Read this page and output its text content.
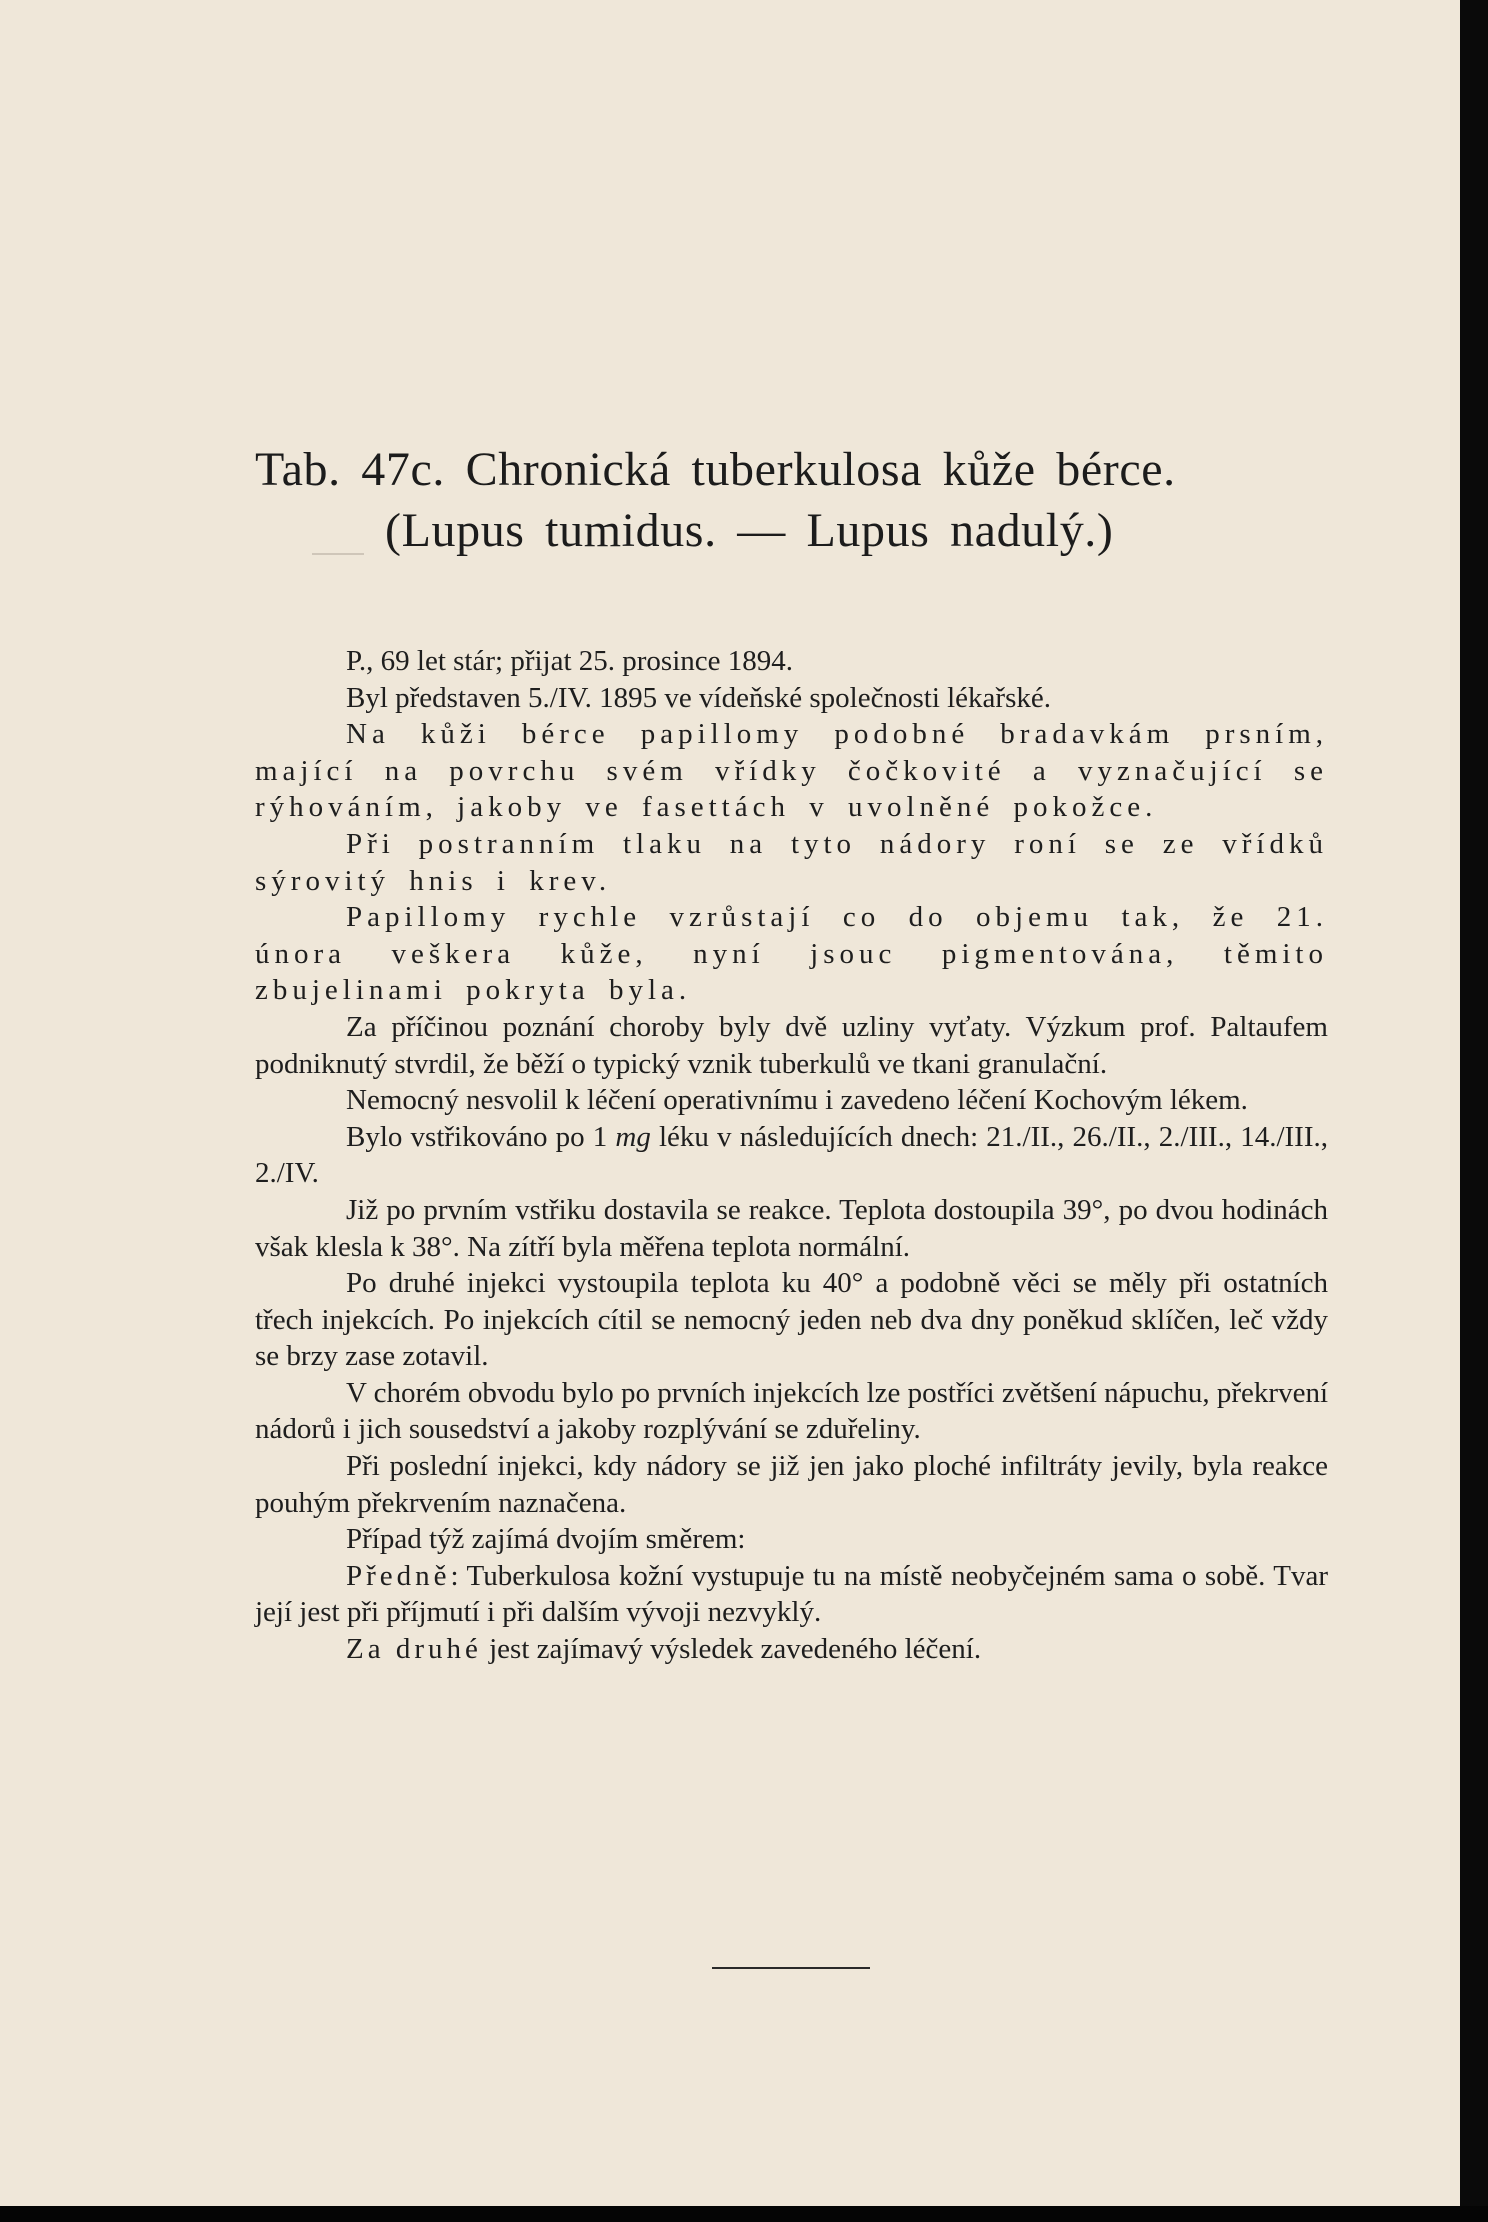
Tab. 47c. Chronická tuberkulosa kůže bérce.
(Lupus tumidus. — Lupus nadulý.)

P., 69 let stár; přijat 25. prosince 1894.

Byl představen 5./IV. 1895 ve vídeňské společnosti lékařské.

Na kůži bérce papillomy podobné bradavkám prsním, mající na povrchu svém vřídky čočkovité a vyznačující se rýhováním, jakoby ve fasettách v uvolněné pokožce.

Při postranním tlaku na tyto nádory roní se ze vřídků sýrovitý hnis i krev.

Papillomy rychle vzrůstají co do objemu tak, že 21. února veškera kůže, nyní jsouc pigmentována, těmito zbujelinami pokryta byla.

Za příčinou poznání choroby byly dvě uzliny vyťaty. Výzkum prof. Paltaufem podniknutý stvrdil, že běží o typický vznik tuberkulů ve tkani granulační.

Nemocný nesvolil k léčení operativnímu i zavedeno léčení Kochovým lékem.

Bylo vstřikováno po 1 mg léku v následujících dnech: 21./II., 26./II., 2./III., 14./III., 2./IV.

Již po prvním vstřiku dostavila se reakce. Teplota dostoupila 39°, po dvou hodinách však klesla k 38°. Na zítří byla měřena teplota normální.

Po druhé injekci vystoupila teplota ku 40° a podobně věci se měly při ostatních třech injekcích. Po injekcích cítil se nemocný jeden neb dva dny poněkud sklíčen, leč vždy se brzy zase zotavil.

V chorém obvodu bylo po prvních injekcích lze postříci zvětšení nápuchu, překrvení nádorů i jich sousedství a jakoby rozplývání se zduřeliny.

Při poslední injekci, kdy nádory se již jen jako ploché infiltráty jevily, byla reakce pouhým překrvením naznačena.

Případ týž zajímá dvojím směrem:

Předně: Tuberkulosa kožní vystupuje tu na místě neobyčejném sama o sobě. Tvar její jest při příjmutí i při dalším vývoji nezvyklý.

Za druhé jest zajímavý výsledek zavedeného léčení.
